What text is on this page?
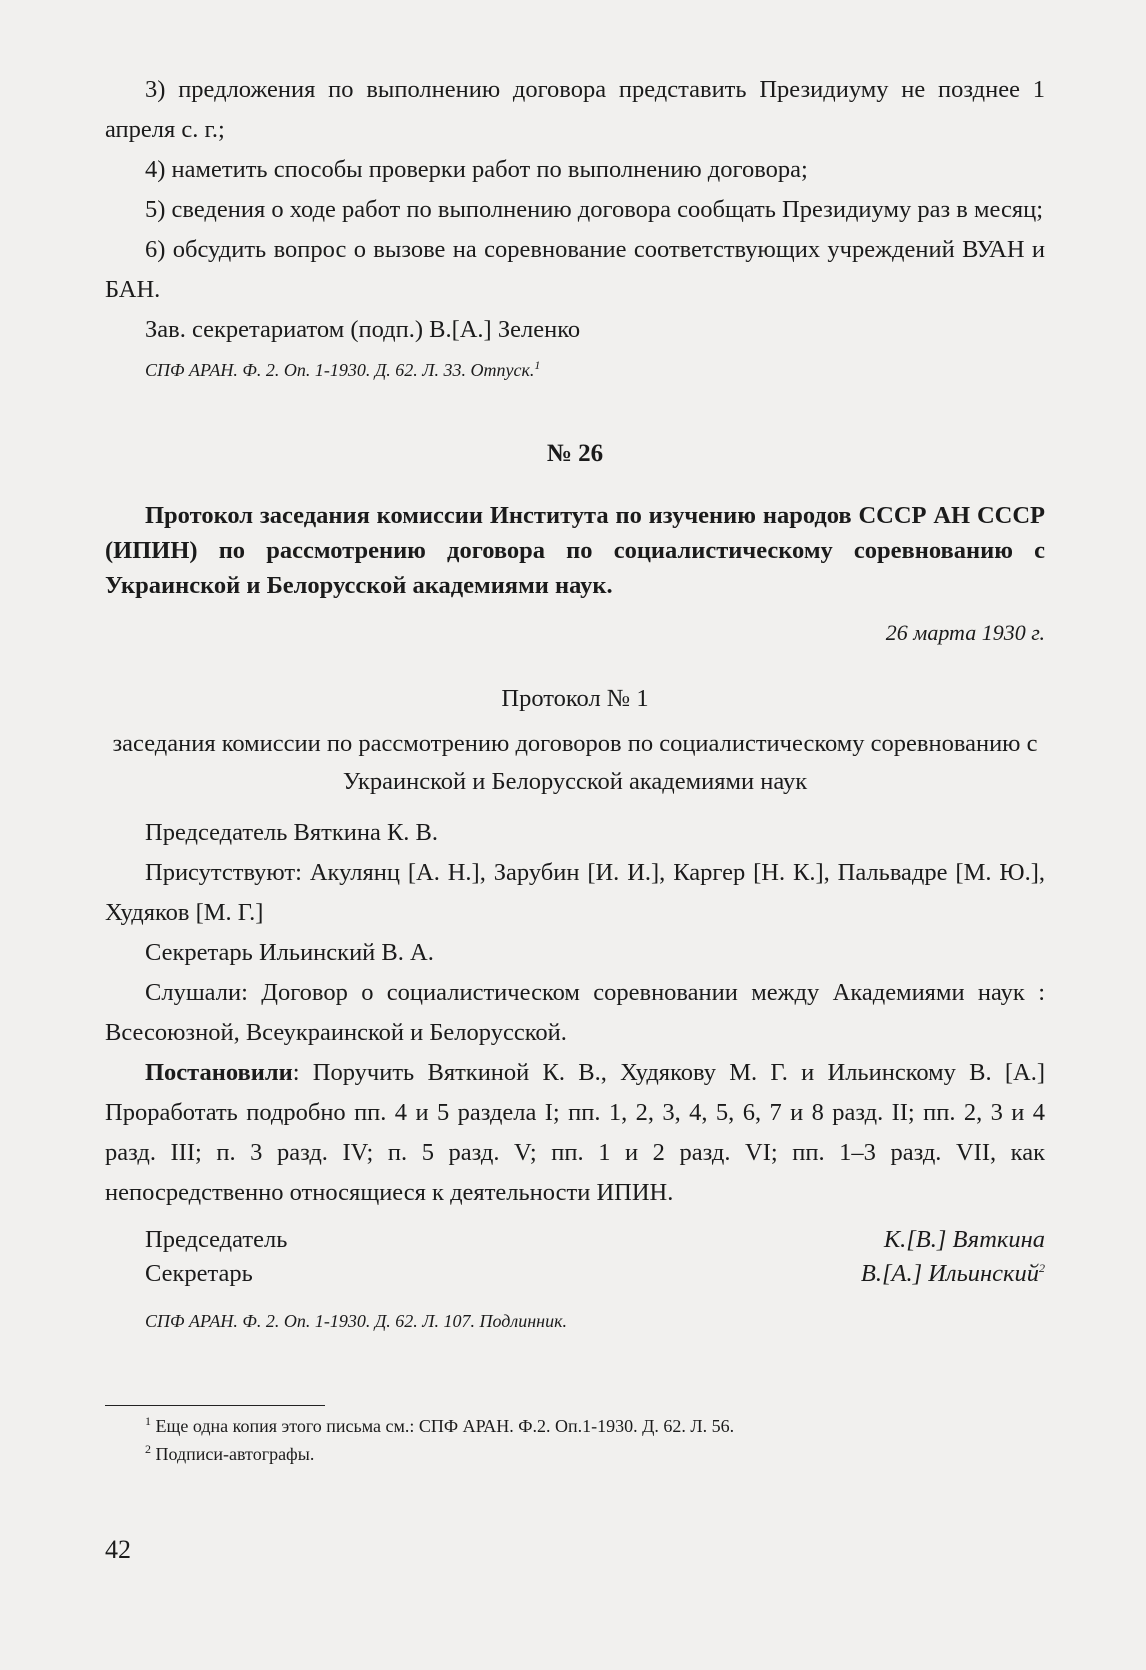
3) предложения по выполнению договора представить Президиуму не позднее 1 апреля с. г.;

4) наметить способы проверки работ по выполнению договора;

5) сведения о ходе работ по выполнению договора сообщать Президиуму раз в месяц;

6) обсудить вопрос о вызове на соревнование соответствующих учреждений ВУАН и БАН.

Зав. секретариатом (подп.) В.[А.] Зеленко

СПФ АРАН. Ф. 2. Оп. 1-1930. Д. 62. Л. 33. Отпуск.$^1$

№ 26

Протокол заседания комиссии Института по изучению народов СССР АН СССР (ИПИН) по рассмотрению договора по социалистическому соревнованию с Украинской и Белорусской академиями наук.

26 марта 1930 г.

Протокол № 1

заседания комиссии по рассмотрению договоров по социалистическому соревнованию с Украинской и Белорусской академиями наук

Председатель Вяткина К. В.

Присутствуют: Акулянц [А. Н.], Зарубин [И. И.], Каргер [Н. К.], Пальвадре [М. Ю.], Худяков [М. Г.]

Секретарь Ильинский В. А.

Слушали: Договор о социалистическом соревновании между Академиями наук : Всесоюзной, Всеукраинской и Белорусской.

Постановили: Поручить Вяткиной К. В., Худякову М. Г. и Ильинскому В. [А.] Проработать подробно пп. 4 и 5 раздела I; пп. 1, 2, 3, 4, 5, 6, 7 и 8 разд. II; пп. 2, 3 и 4 разд. III; п. 3 разд. IV; п. 5 разд. V; пп. 1 и 2 разд. VI; пп. 1–3 разд. VII, как непосредственно относящиеся к деятельности ИПИН.

Председатель	К.[В.] Вяткина
Секретарь	В.[А.] Ильинский$^2$

СПФ АРАН. Ф. 2. Оп. 1-1930. Д. 62. Л. 107. Подлинник.

$^1$ Еще одна копия этого письма см.: СПФ АРАН. Ф.2. Оп.1-1930. Д. 62. Л. 56.
$^2$ Подписи-автографы.
42
